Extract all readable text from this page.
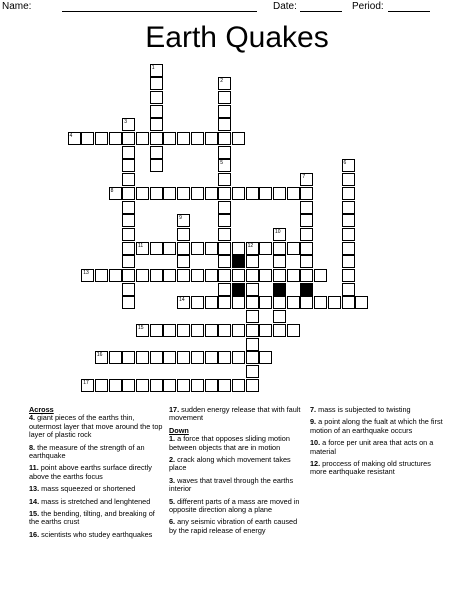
Name:	Date:	Period:
Earth Quakes
1
2
3
4
5	6
7
8
9
10
11	12
13
14
15
16
17
Across

4. giant pieces of the earths thin, outermost layer that move around the top layer of plastic rock

8. the measure of the strength of an earthquake

11. point above earths surface directly above the earths focus

13. mass squeezed or shortened

14. mass is stretched and lenghtened

15. the bending, tilting, and breaking of the earths crust

16. scientists who studey earthquakes

17. sudden energy release that with fault movement

Down

1. a force that opposes sliding motion between objects that are in motion

2. crack along which movement takes place

3. waves that travel through the earths interior

5. different parts of a mass are moved in opposite direction along a plane

6. any seismic vibration of earth caused by the rapid release of energy

7. mass is subjected to twisting

9. a point along the fualt at which the first motion of an earthquake occurs

10. a force per unit area that acts on a material

12. proccess of making old structures more earthquake resistant
